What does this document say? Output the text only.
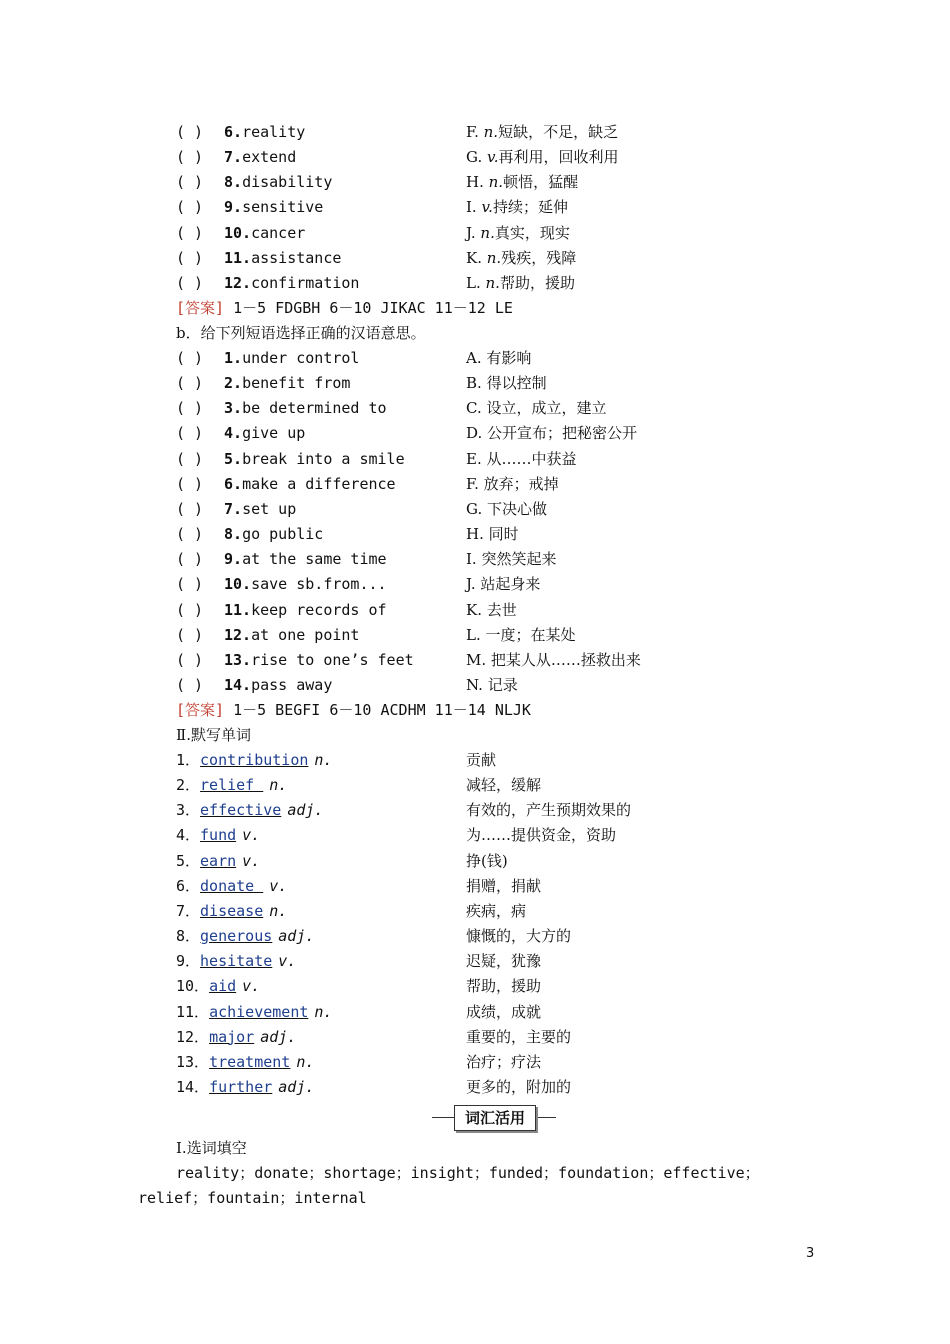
( ) 6.reality	F. n.短缺，不足，缺乏
( ) 7.extend	G. v.再利用，回收利用
( ) 8.disability	H. n.顿悟，猛醒
( ) 9.sensitive	I. v.持续；延伸
( ) 10.cancer	J. n.真实，现实
( ) 11.assistance	K. n.残疾，残障
( ) 12.confirmation	L. n.帮助，援助
[答案] 1－5 FDGBH 6－10 JIKAC 11－12 LE
b．给下列短语选择正确的汉语意思。
( ) 1.under control	A. 有影响
( ) 2.benefit from	B. 得以控制
( ) 3.be determined to	C. 设立，成立，建立
( ) 4.give up	D. 公开宣布；把秘密公开
( ) 5.break into a smile	E. 从……中获益
( ) 6.make a difference	F. 放弃；戒掉
( ) 7.set up	G. 下决心做
( ) 8.go public	H. 同时
( ) 9.at the same time	I. 突然笑起来
( ) 10.save sb.from...	J. 站起身来
( ) 11.keep records of	K. 去世
( ) 12.at one point	L. 一度；在某处
( ) 13.rise to one’s feet	M. 把某人从……拯救出来
( ) 14.pass away	N. 记录
[答案] 1－5 BEGFI 6－10 ACDHM 11－14 NLJK
Ⅱ.默写单词
1．contribution n.	贡献
2．relief n.	减轻，缓解
3．effective adj.	有效的，产生预期效果的
4．fund v.	为……提供资金，资助
5．earn v.	挣(钱)
6．donate v.	捐赠，捐献
7．disease n.	疾病，病
8．generous adj.	慷慨的，大方的
9．hesitate v.	迟疑，犹豫
10．aid v.	帮助，援助
11．achievement n.	成绩，成就
12．major adj.	重要的，主要的
13．treatment n.	治疗；疗法
14．further adj.	更多的，附加的
词汇活用
Ⅰ.选词填空
reality；donate；shortage；insight；funded；foundation；effective；relief；fountain；internal
3
